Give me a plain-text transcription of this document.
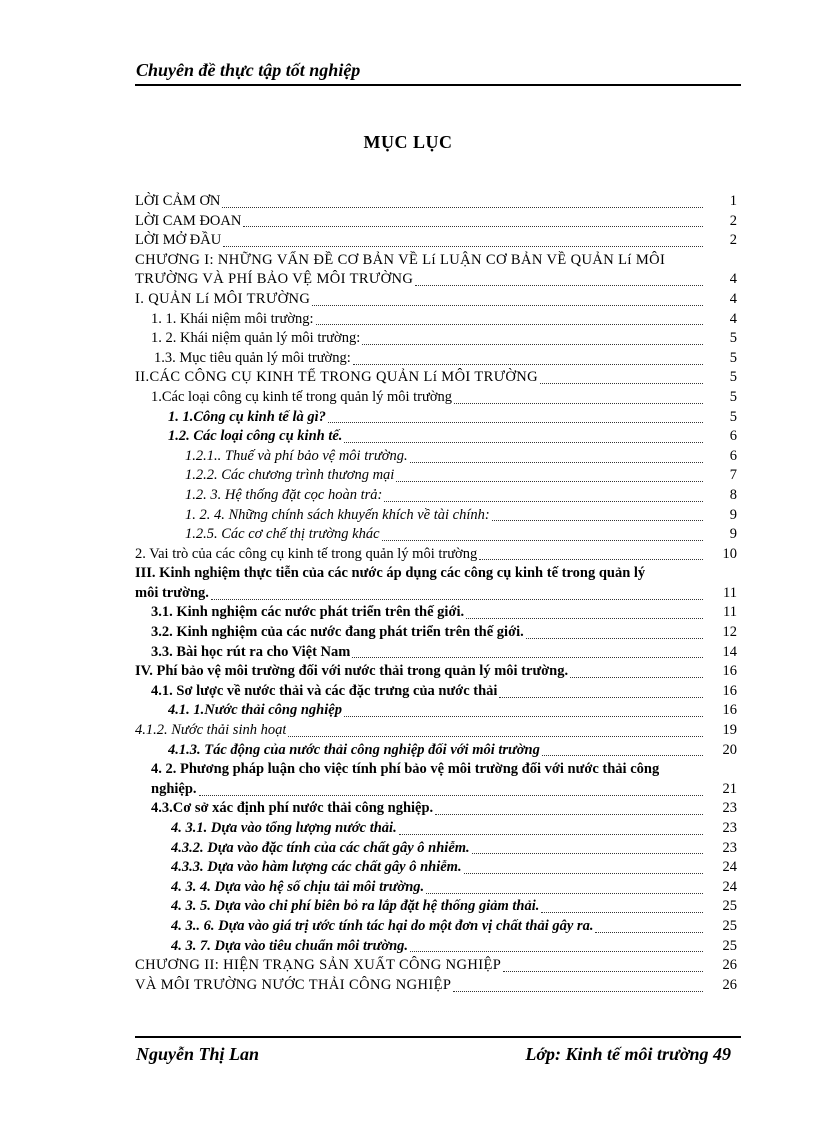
Chuyên đề thực tập tốt nghiệp
MỤC LỤC
LỜI CẢM ƠN	1
LỜI CAM ĐOAN	2
LỜI MỞ ĐẦU	2
CHƯƠNG I: NHỮNG VẤN ĐỀ CƠ BẢN VỀ Lí LUẬN CƠ BẢN VỀ QUẢN Lí MÔI
TRƯỜNG VÀ PHÍ BẢO VỆ MÔI TRƯỜNG	4
I. QUẢN Lí MÔI TRƯỜNG	4
1. 1. Khái niệm môi trường:	4
1. 2. Khái niệm quản lý môi trường:	5
1.3. Mục tiêu quản lý môi trường:	5
II.CÁC CÔNG CỤ KINH TẾ TRONG QUẢN Lí MÔI TRƯỜNG	5
1.Các loại công cụ kinh tế trong quản lý môi trường	5
1. 1.Công cụ kinh tế là gì?	5
1.2. Các loại công cụ kinh tế.	6
1.2.1.. Thuế và phí bảo vệ môi trường.	6
1.2.2. Các chương trình thương mại	7
1.2. 3. Hệ thống đặt cọc hoàn trả:	8
1. 2. 4. Những chính sách khuyến khích về tài chính:	9
1.2.5. Các cơ chế thị trường khác	9
2. Vai trò của các công cụ kinh tế trong quản lý môi trường	10
III. Kinh nghiệm thực tiễn của các nước áp dụng các công cụ kinh tế trong quản lý
môi trường.	11
3.1. Kinh nghiệm các nước phát triển trên thế giới.	11
3.2. Kinh nghiệm của các nước đang phát triển trên thế giới.	12
3.3. Bài học rút ra cho Việt Nam	14
IV. Phí bảo vệ môi trường đối với nước thải trong quản lý môi trường.	16
4.1. Sơ lược về nước thải và các đặc trưng của nước thải	16
4.1. 1.Nước thải công nghiệp	16
4.1.2. Nước thải sinh hoạt	19
4.1.3. Tác động của nước thải công nghiệp đối với môi trường	20
4. 2. Phương pháp luận cho việc tính phí bảo vệ môi trường đối với nước thải công
nghiệp.	21
4.3.Cơ sở xác định phí nước thải công nghiệp.	23
4. 3.1. Dựa vào tổng lượng nước thải.	23
4.3.2. Dựa vào đặc tính của các chất gây ô nhiễm.	23
4.3.3. Dựa vào hàm lượng các chất gây ô nhiễm.	24
4. 3. 4. Dựa vào hệ số chịu tải môi trường.	24
4. 3. 5. Dựa vào chi phí biên bỏ ra lắp đặt hệ thống giảm thải.	25
4. 3.. 6. Dựa vào giá trị ước tính tác hại do một đơn vị chất thải gây ra.	25
4. 3. 7. Dựa vào tiêu chuẩn môi trường.	25
CHƯƠNG II: HIỆN TRẠNG SẢN XUẤT CÔNG NGHIỆP	26
VÀ MÔI TRƯỜNG NƯỚC THẢI CÔNG NGHIỆP	26
Nguyễn Thị Lan	Lớp: Kinh tế môi trường 49
